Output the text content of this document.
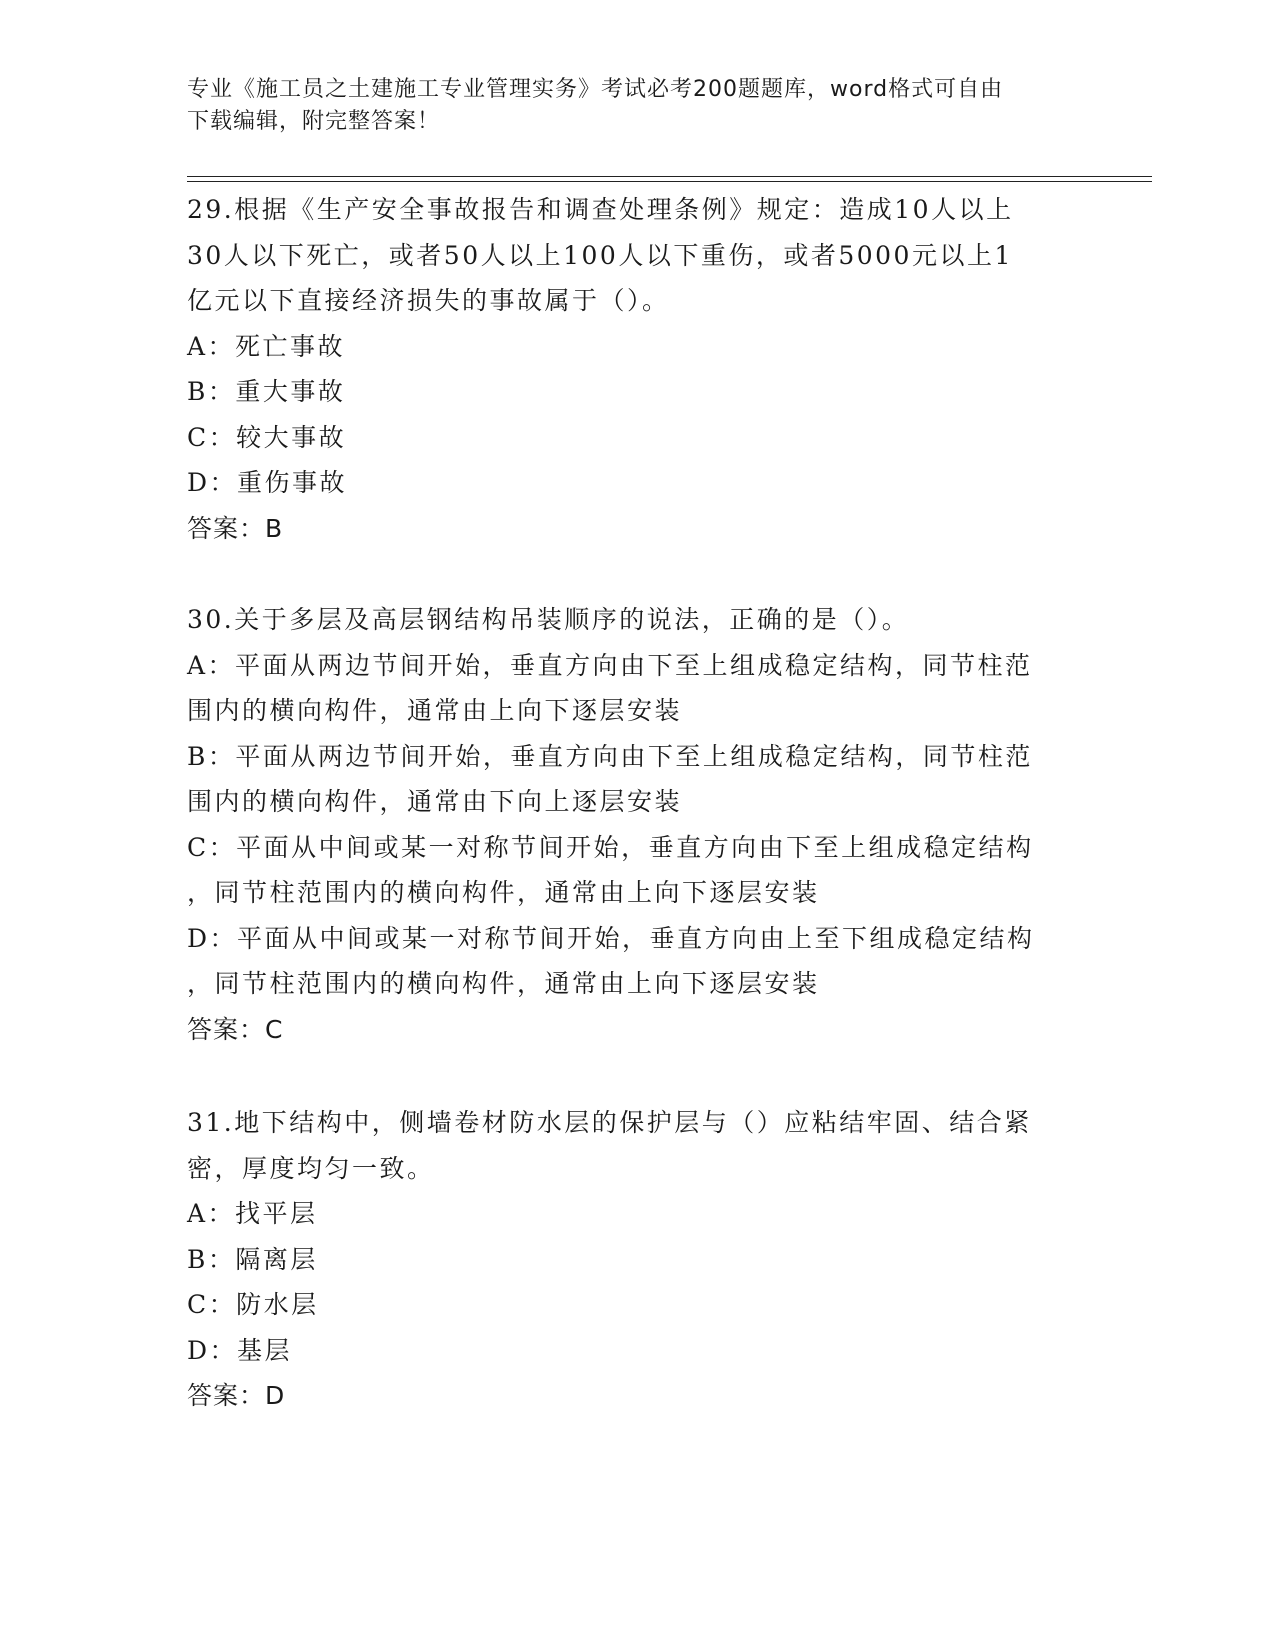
专业《施工员之土建施工专业管理实务》考试必考200题题库，word格式可自由
下载编辑，附完整答案！
29.根据《生产安全事故报告和调查处理条例》规定：造成10人以上
30人以下死亡，或者50人以上100人以下重伤，或者5000元以上1
亿元以下直接经济损失的事故属于（）。
A：死亡事故
B：重大事故
C：较大事故
D：重伤事故
答案：B
30.关于多层及高层钢结构吊装顺序的说法，正确的是（）。
A：平面从两边节间开始，垂直方向由下至上组成稳定结构，同节柱范
围内的横向构件，通常由上向下逐层安装
B：平面从两边节间开始，垂直方向由下至上组成稳定结构，同节柱范
围内的横向构件，通常由下向上逐层安装
C：平面从中间或某一对称节间开始，垂直方向由下至上组成稳定结构
，同节柱范围内的横向构件，通常由上向下逐层安装
D：平面从中间或某一对称节间开始，垂直方向由上至下组成稳定结构
，同节柱范围内的横向构件，通常由上向下逐层安装
答案：C
31.地下结构中，侧墙卷材防水层的保护层与（）应粘结牢固、结合紧
密，厚度均匀一致。
A：找平层
B：隔离层
C：防水层
D：基层
答案：D
